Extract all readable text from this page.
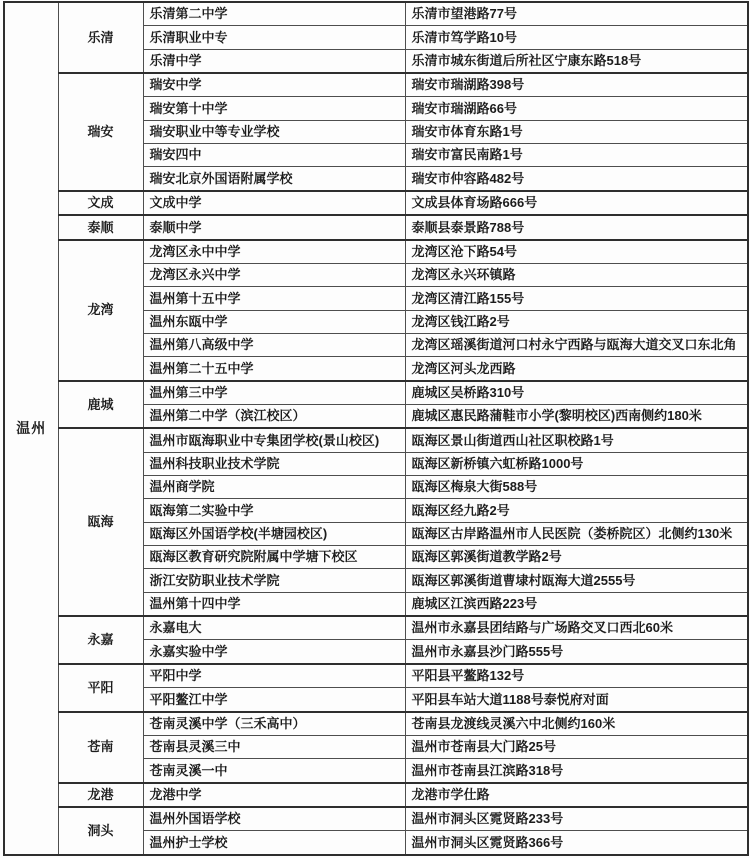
温州	乐清	乐清第二中学	乐清市望港路77号
		乐清职业中专	乐清市笃学路10号
		乐清中学	乐清市城东街道后所社区宁康东路518号
	瑞安	瑞安中学	瑞安市瑞湖路398号
		瑞安第十中学	瑞安市瑞湖路66号
		瑞安职业中等专业学校	瑞安市体育东路1号
		瑞安四中	瑞安市富民南路1号
		瑞安北京外国语附属学校	瑞安市仲容路482号
	文成	文成中学	文成县体育场路666号
	泰顺	泰顺中学	泰顺县泰景路788号
	龙湾	龙湾区永中中学	龙湾区沧下路54号
		龙湾区永兴中学	龙湾区永兴环镇路
		温州第十五中学	龙湾区清江路155号
		温州东瓯中学	龙湾区钱江路2号
		温州第八高级中学	龙湾区瑶溪街道河口村永宁西路与瓯海大道交叉口东北角
		温州第二十五中学	龙湾区河头龙西路
	鹿城	温州第三中学	鹿城区吴桥路310号
		温州第二中学（滨江校区）	鹿城区惠民路蒲鞋市小学(黎明校区)西南侧约180米
	瓯海	温州市瓯海职业中专集团学校(景山校区)	瓯海区景山街道西山社区职校路1号
		温州科技职业技术学院	瓯海区新桥镇六虹桥路1000号
		温州商学院	瓯海区梅泉大街588号
		瓯海第二实验中学	瓯海区经九路2号
		瓯海区外国语学校(半塘园校区)	瓯海区古岸路温州市人民医院（娄桥院区）北侧约130米
		瓯海区教育研究院附属中学塘下校区	瓯海区郭溪街道教学路2号
		浙江安防职业技术学院	瓯海区郭溪街道曹埭村瓯海大道2555号
		温州第十四中学	鹿城区江滨西路223号
	永嘉	永嘉电大	温州市永嘉县团结路与广场路交叉口西北60米
		永嘉实验中学	温州市永嘉县沙门路555号
	平阳	平阳中学	平阳县平鳌路132号
		平阳鳌江中学	平阳县车站大道1188号泰悦府对面
	苍南	苍南灵溪中学（三禾高中）	苍南县龙渡线灵溪六中北侧约160米
		苍南县灵溪三中	温州市苍南县大门路25号
		苍南灵溪一中	温州市苍南县江滨路318号
	龙港	龙港中学	龙港市学仕路
	洞头	温州外国语学校	温州市洞头区霓贤路233号
		温州护士学校	温州市洞头区霓贤路366号
